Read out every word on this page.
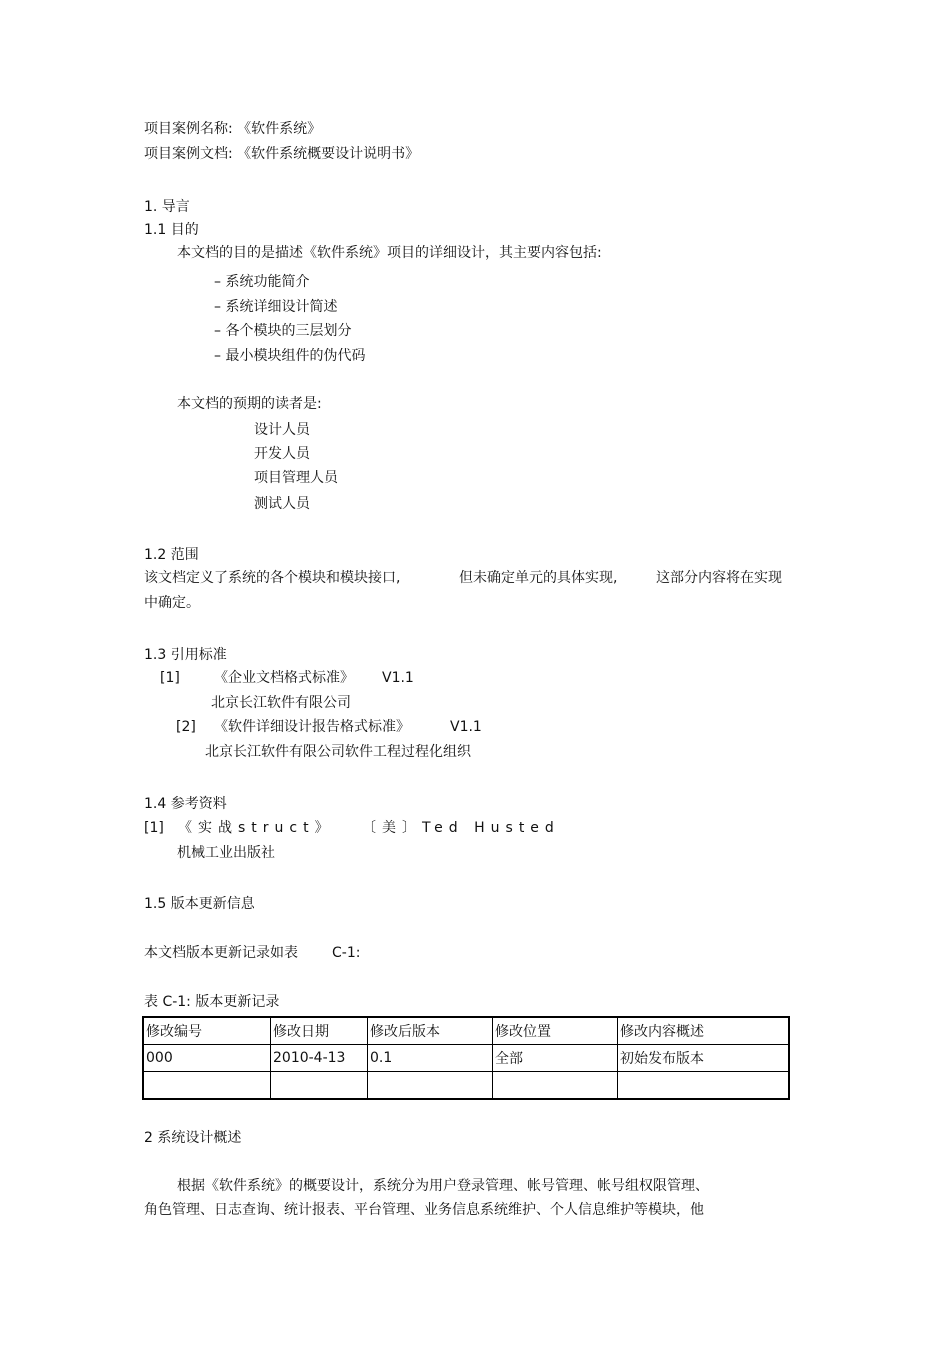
项目案例名称: 《软件系统》
项目案例文档: 《软件系统概要设计说明书》
1. 导言
1.1 目的
本文档的目的是描述《软件系统》项目的详细设计，其主要内容包括:
– 系统功能简介
– 系统详细设计简述
– 各个模块的三层划分
– 最小模块组件的伪代码
本文档的预期的读者是:
设计人员
开发人员
项目管理人员
测试人员
1.2 范围
该文档定义了系统的各个模块和模块接口,	但未确定单元的具体实现,	这部分内容将在实现
中确定。
1.3 引用标准
[1] 《企业文档格式标准》 V1.1
北京长江软件有限公司
[2] 《软件详细设计报告格式标准》	V1.1
北京长江软件有限公司软件工程过程化组织
1.4 参考资料
[1] 《实战struct》 〔美〕Ted Husted
机械工业出版社
1.5 版本更新信息
本文档版本更新记录如表 C-1:
表 C-1: 版本更新记录
修改编号	修改日期	修改后版本	修改位置	修改内容概述
000	2010-4-13	0.1	全部	初始发布版本

2 系统设计概述
根据《软件系统》的概要设计，系统分为用户登录管理、帐号管理、帐号组权限管理、
角色管理、日志查询、统计报表、平台管理、业务信息系统维护、个人信息维护等模块，他
